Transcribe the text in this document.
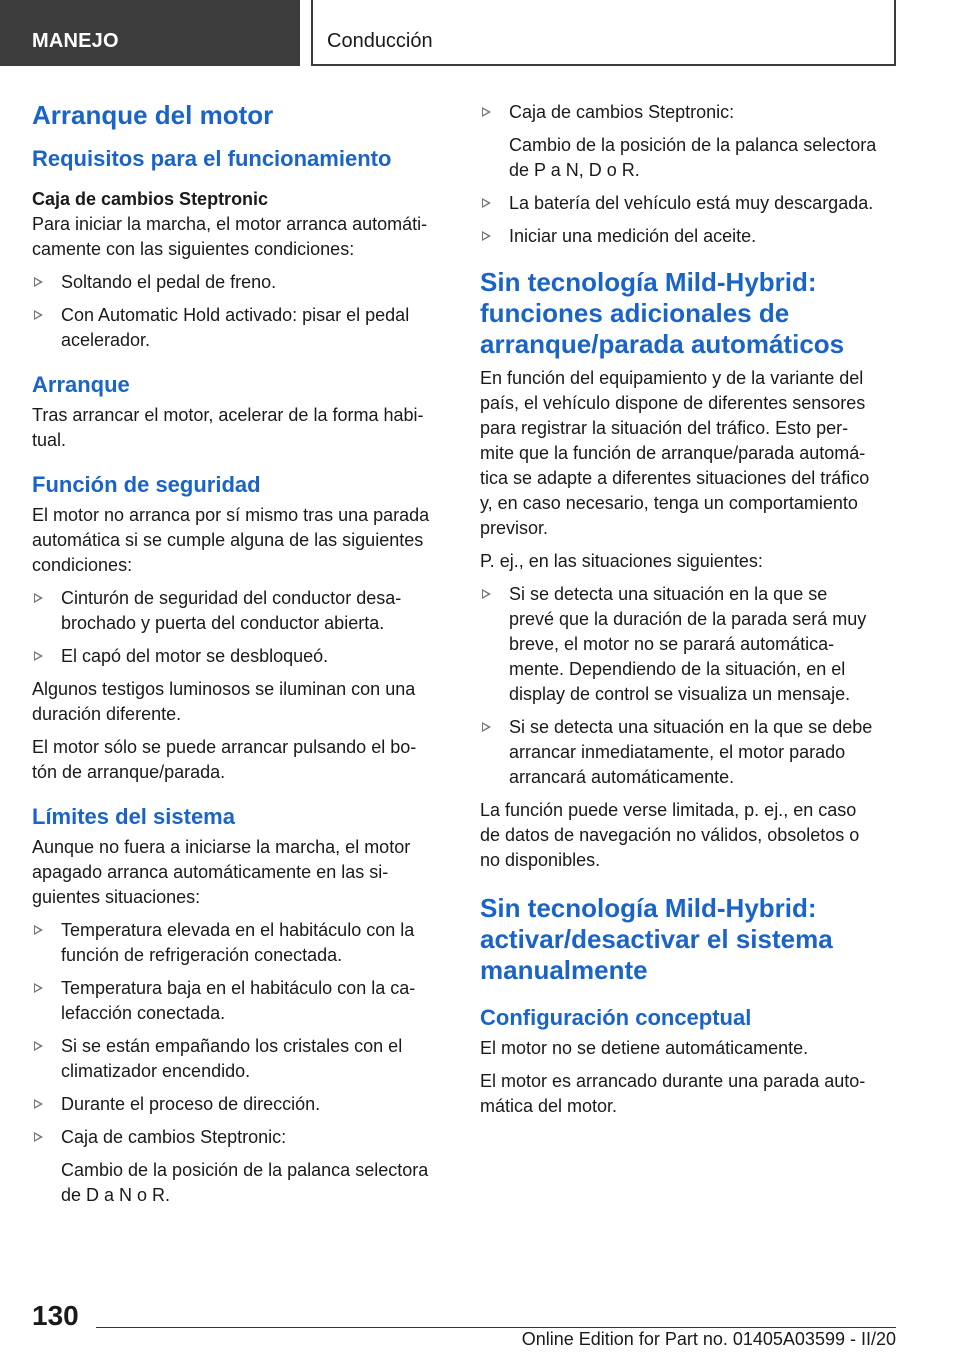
MANEJO	Conducción
Arranque del motor
Requisitos para el funcionamiento
Caja de cambios Steptronic

Para iniciar la marcha, el motor arranca automáti-
camente con las siguientes condiciones:

Soltando el pedal de freno.
Con Automatic Hold activado: pisar el pedal
acelerador.
Arranque

Tras arrancar el motor, acelerar de la forma habi-
tual.

Función de seguridad

El motor no arranca por sí mismo tras una parada
automática si se cumple alguna de las siguientes
condiciones:

Cinturón de seguridad del conductor desa-
brochado y puerta del conductor abierta.
El capó del motor se desbloqueó.

Algunos testigos luminosos se iluminan con una
duración diferente.

El motor sólo se puede arrancar pulsando el bo-
tón de arranque/parada.

Límites del sistema

Aunque no fuera a iniciarse la marcha, el motor
apagado arranca automáticamente en las si-
guientes situaciones:

Temperatura elevada en el habitáculo con la
función de refrigeración conectada.
Temperatura baja en el habitáculo con la ca-
lefacción conectada.
Si se están empañando los cristales con el
climatizador encendido.
Durante el proceso de dirección.
Caja de cambios Steptronic:
Cambio de la posición de la palanca selectora
de D a N o R.
Caja de cambios Steptronic:
Cambio de la posición de la palanca selectora
de P a N, D o R.
La batería del vehículo está muy descargada.
Iniciar una medición del aceite.
Sin tecnología Mild-Hybrid:
funciones adicionales de
arranque/parada automáticos

En función del equipamiento y de la variante del
país, el vehículo dispone de diferentes sensores
para registrar la situación del tráfico. Esto per-
mite que la función de arranque/parada automá-
tica se adapte a diferentes situaciones del tráfico
y, en caso necesario, tenga un comportamiento
previsor.

P. ej., en las situaciones siguientes:

Si se detecta una situación en la que se
prevé que la duración de la parada será muy
breve, el motor no se parará automática-
mente. Dependiendo de la situación, en el
display de control se visualiza un mensaje.
Si se detecta una situación en la que se debe
arrancar inmediatamente, el motor parado
arrancará automáticamente.

La función puede verse limitada, p. ej., en caso
de datos de navegación no válidos, obsoletos o
no disponibles.

Sin tecnología Mild-Hybrid:
activar/desactivar el sistema
manualmente
Configuración conceptual

El motor no se detiene automáticamente.

El motor es arrancado durante una parada auto-
mática del motor.

130
Online Edition for Part no. 01405A03599 - II/20
